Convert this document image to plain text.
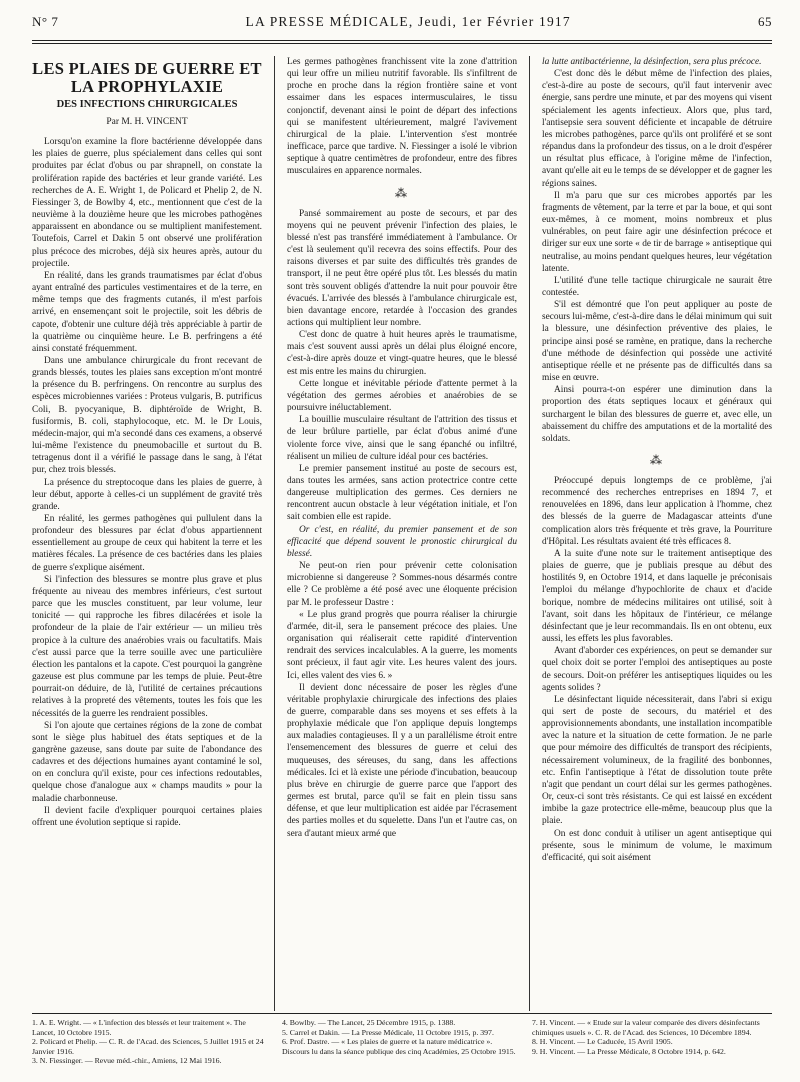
N° 7	LA PRESSE MÉDICALE, Jeudi, 1er Février 1917	65
LES PLAIES DE GUERRE ET LA PROPHYLAXIE
DES INFECTIONS CHIRURGICALES
Par M. H. VINCENT

Lorsqu'on examine la flore bactérienne développée dans les plaies de guerre, plus spécialement dans celles qui sont produites par éclat d'obus ou par shrapnell, on constate la prolifération rapide des bactéries et leur grande variété. Les recherches de A. E. Wright 1, de Policard et Phelip 2, de N. Fiessinger 3, de Bowlby 4, etc., mentionnent que c'est de la neuvième à la douzième heure que les microbes pathogènes apparaissent en abondance ou se multiplient manifestement. Toutefois, Carrel et Dakin 5 ont observé une prolifération plus précoce des microbes, déjà six heures après, autour du projectile.

En réalité, dans les grands traumatismes par éclat d'obus ayant entraîné des particules vestimentaires et de la terre, en même temps que des fragments cutanés, il m'est parfois arrivé, en ensemençant soit le projectile, soit les débris de capote, d'obtenir une culture déjà très appréciable à partir de la quatrième ou cinquième heure. Le B. perfringens a été ainsi constaté fréquemment.

Dans une ambulance chirurgicale du front recevant de grands blessés, toutes les plaies sans exception m'ont montré la présence du B. perfringens. On rencontre au surplus des espèces microbiennes variées : Proteus vulgaris, B. putrificus Coli, B. pyocyanique, B. diphtéroïde de Wright, B. fusiformis, B. coli, staphylocoque, etc. M. le Dr Louis, médecin-major, qui m'a secondé dans ces examens, a observé lui-même l'existence du pneumobacille et surtout du B. tetragenus dont il a vérifié le passage dans le sang, à l'état pur, chez trois blessés.

La présence du streptocoque dans les plaies de guerre, à leur début, apporte à celles-ci un supplément de gravité très grande.

En réalité, les germes pathogènes qui pullulent dans la profondeur des blessures par éclat d'obus appartiennent essentiellement au groupe de ceux qui habitent la terre et les matières fécales. La présence de ces bactéries dans les plaies de guerre s'explique aisément.

Si l'infection des blessures se montre plus grave et plus fréquente au niveau des membres inférieurs, c'est surtout parce que les muscles constituent, par leur volume, leur tonicité — qui rapproche les fibres dilacérées et isole la profondeur de la plaie de l'air extérieur — un milieu très propice à la culture des anaérobies vrais ou facultatifs. Mais c'est aussi parce que la terre souille avec une particulière élection les pantalons et la capote. C'est pourquoi la gangrène gazeuse est plus commune par les temps de pluie. Peut-être pourrait-on déduire, de là, l'utilité de certaines précautions relatives à la propreté des vêtements, toutes les fois que les nécessités de la guerre les rendraient possibles.

Si l'on ajoute que certaines régions de la zone de combat sont le siège plus habituel des états septiques et de la gangrène gazeuse, sans doute par suite de l'abondance des cadavres et des déjections humaines ayant contaminé le sol, on en conclura qu'il existe, pour ces infections redoutables, quelque chose d'analogue aux « champs maudits » pour la maladie charbonneuse.

Il devient facile d'expliquer pourquoi certaines plaies offrent une évolution septique si rapide.

Les germes pathogènes franchissent vite la zone d'attrition qui leur offre un milieu nutritif favorable. Ils s'infiltrent de proche en proche dans la région frontière saine et vont essaimer dans les espaces intermusculaires, le tissu conjonctif, devenant ainsi le point de départ des infections qui se manifestent ultérieurement, malgré l'avivement chirurgical de la plaie. L'intervention s'est montrée inefficace, parce que tardive. N. Fiessinger a isolé le vibrion septique à quatre centimètres de profondeur, entre des fibres musculaires en apparence normales.

⁂

Pansé sommairement au poste de secours, et par des moyens qui ne peuvent prévenir l'infection des plaies, le blessé n'est pas transféré immédiatement à l'ambulance. Or c'est là seulement qu'il recevra des soins effectifs. Pour des raisons diverses et par suite des difficultés très grandes de transport, il ne peut être opéré plus tôt. Les blessés du matin sont très souvent obligés d'attendre la nuit pour pouvoir être évacués. L'arrivée des blessés à l'ambulance chirurgicale est, bien davantage encore, retardée à l'occasion des grandes actions qui multiplient leur nombre.

C'est donc de quatre à huit heures après le traumatisme, mais c'est souvent aussi après un délai plus éloigné encore, c'est-à-dire après douze et vingt-quatre heures, que le blessé est mis entre les mains du chirurgien.

Cette longue et inévitable période d'attente permet à la végétation des germes aérobies et anaérobies de se poursuivre inéluctablement.

La bouillie musculaire résultant de l'attrition des tissus et de leur brûlure partielle, par éclat d'obus animé d'une violente force vive, ainsi que le sang épanché ou infiltré, réalisent un milieu de culture idéal pour ces bactéries.

Le premier pansement institué au poste de secours est, dans toutes les armées, sans action protectrice contre cette dangereuse multiplication des germes. Ces derniers ne rencontrent aucun obstacle à leur végétation initiale, et l'on sait combien elle est rapide.

Or c'est, en réalité, du premier pansement et de son efficacité que dépend souvent le pronostic chirurgical du blessé.

Ne peut-on rien pour prévenir cette colonisation microbienne si dangereuse ? Sommes-nous désarmés contre elle ? Ce problème a été posé avec une éloquente précision par M. le professeur Dastre :

« Le plus grand progrès que pourra réaliser la chirurgie d'armée, dit-il, sera le pansement précoce des plaies. Une organisation qui réaliserait cette rapidité d'intervention rendrait des services incalculables. A la guerre, les moments sont précieux, il faut agir vite. Les heures valent des jours. Ici, elles valent des vies 6. »

Il devient donc nécessaire de poser les règles d'une véritable prophylaxie chirurgicale des infections des plaies de guerre, comparable dans ses moyens et ses effets à la prophylaxie médicale que l'on applique depuis longtemps aux maladies contagieuses. Il y a un parallélisme étroit entre l'ensemencement des blessures de guerre et celui des muqueuses, des séreuses, du sang, dans les affections médicales. Ici et là existe une période d'incubation, beaucoup plus brève en chirurgie de guerre parce que l'apport des germes est brutal, parce qu'il se fait en plein tissu sans défense, et que leur multiplication est aidée par l'écrasement des parties molles et du squelette. Dans l'un et l'autre cas, on sera d'autant mieux armé que

la lutte antibactérienne, la désinfection, sera plus précoce.

C'est donc dès le début même de l'infection des plaies, c'est-à-dire au poste de secours, qu'il faut intervenir avec énergie, sans perdre une minute, et par des moyens qui visent spécialement les agents infectieux. Alors que, plus tard, l'antisepsie sera souvent déficiente et incapable de détruire les microbes pathogènes, parce qu'ils ont proliféré et se sont répandus dans la profondeur des tissus, on a le droit d'espérer un résultat plus efficace, à l'origine même de l'infection, avant qu'elle ait eu le temps de se développer et de gagner les régions saines.

Il m'a paru que sur ces microbes apportés par les fragments de vêtement, par la terre et par la boue, et qui sont eux-mêmes, à ce moment, moins nombreux et plus vulnérables, on peut faire agir une désinfection précoce et diriger sur eux une sorte « de tir de barrage » antiseptique qui neutralise, au moins pendant quelques heures, leur végétation latente.

L'utilité d'une telle tactique chirurgicale ne saurait être contestée.

S'il est démontré que l'on peut appliquer au poste de secours lui-même, c'est-à-dire dans le délai minimum qui suit la blessure, une désinfection préventive des plaies, le principe ainsi posé se ramène, en pratique, dans la recherche d'une méthode de désinfection qui possède une activité antiseptique réelle et ne présente pas de difficultés dans sa mise en œuvre.

Ainsi pourra-t-on espérer une diminution dans la proportion des états septiques locaux et généraux qui surchargent le bilan des blessures de guerre et, avec elle, un abaissement du chiffre des amputations et de la mortalité des soldats.

⁂

Préoccupé depuis longtemps de ce problème, j'ai recommencé des recherches entreprises en 1894 7, et renouvelées en 1896, dans leur application à l'homme, chez des blessés de la guerre de Madagascar atteints d'une complication alors très fréquente et très grave, la Pourriture d'Hôpital. Les résultats avaient été très efficaces 8.

A la suite d'une note sur le traitement antiseptique des plaies de guerre, que je publiais presque au début des hostilités 9, en Octobre 1914, et dans laquelle je préconisais l'emploi du mélange d'hypochlorite de chaux et d'acide borique, nombre de médecins militaires ont utilisé, soit à l'avant, soit dans les hôpitaux de l'intérieur, ce mélange désinfectant que je leur recommandais. Ils en ont obtenu, eux aussi, les effets les plus favorables.

Avant d'aborder ces expériences, on peut se demander sur quel choix doit se porter l'emploi des antiseptiques au poste de secours. Doit-on préférer les antiseptiques liquides ou les agents solides ?

Le désinfectant liquide nécessiterait, dans l'abri si exigu qui sert de poste de secours, du matériel et des approvisionnements abondants, une installation incompatible avec la nature et la situation de cette formation. Je ne parle que pour mémoire des difficultés de transport des récipients, nécessairement volumineux, de la fragilité des bonbonnes, etc. Enfin l'antiseptique à l'état de dissolution toute prête n'agit que pendant un court délai sur les germes pathogènes. Or, ceux-ci sont très résistants. Ce qui est laissé en excédent imbibe la gaze protectrice elle-même, beaucoup plus que la plaie.

On est donc conduit à utiliser un agent antiseptique qui présente, sous le minimum de volume, le maximum d'efficacité, qui soit aisément

1. A. E. Wright. — « L'infection des blessés et leur traitement ». The Lancet, 10 Octobre 1915.
2. Policard et Phelip. — C. R. de l'Acad. des Sciences, 5 Juillet 1915 et 24 Janvier 1916.
3. N. Fiessinger. — Revue méd.-chir., Amiens, 12 Mai 1916.
4. Bowlby. — The Lancet, 25 Décembre 1915, p. 1388.
5. Carrel et Dakin. — La Presse Médicale, 11 Octobre 1915, p. 397.
6. Prof. Dastre. — « Les plaies de guerre et la nature médicatrice ». Discours lu dans la séance publique des cinq Académies, 25 Octobre 1915.
7. H. Vincent. — « Etude sur la valeur comparée des divers désinfectants chimiques usuels ». C. R. de l'Acad. des Sciences, 10 Décembre 1894.
8. H. Vincent. — Le Caducée, 15 Avril 1905.
9. H. Vincent. — La Presse Médicale, 8 Octobre 1914, p. 642.
